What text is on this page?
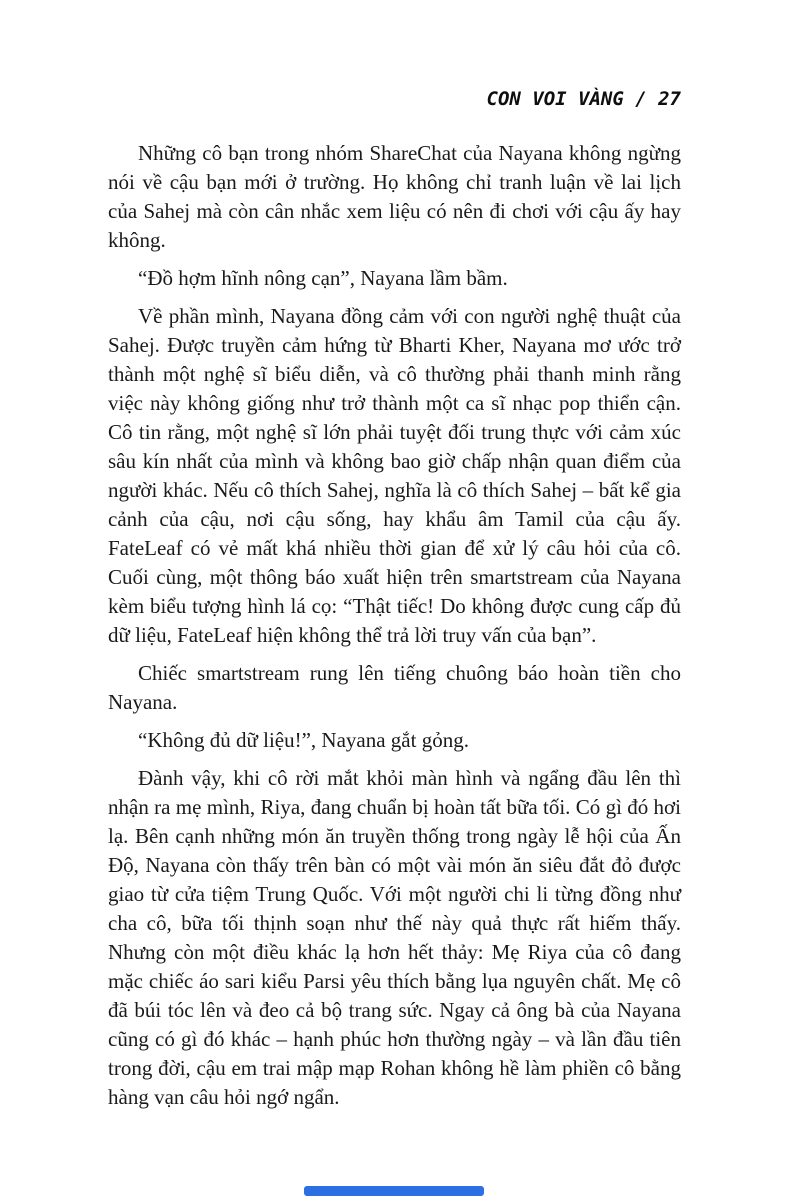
CON VOI VÀNG / 27

Những cô bạn trong nhóm ShareChat của Nayana không ngừng nói về cậu bạn mới ở trường. Họ không chỉ tranh luận về lai lịch của Sahej mà còn cân nhắc xem liệu có nên đi chơi với cậu ấy hay không.

“Đồ hợm hĩnh nông cạn”, Nayana lầm bầm.

Về phần mình, Nayana đồng cảm với con người nghệ thuật của Sahej. Được truyền cảm hứng từ Bharti Kher, Nayana mơ ước trở thành một nghệ sĩ biểu diễn, và cô thường phải thanh minh rằng việc này không giống như trở thành một ca sĩ nhạc pop thiển cận. Cô tin rằng, một nghệ sĩ lớn phải tuyệt đối trung thực với cảm xúc sâu kín nhất của mình và không bao giờ chấp nhận quan điểm của người khác. Nếu cô thích Sahej, nghĩa là cô thích Sahej – bất kể gia cảnh của cậu, nơi cậu sống, hay khẩu âm Tamil của cậu ấy. FateLeaf có vẻ mất khá nhiều thời gian để xử lý câu hỏi của cô. Cuối cùng, một thông báo xuất hiện trên smartstream của Nayana kèm biểu tượng hình lá cọ: “Thật tiếc! Do không được cung cấp đủ dữ liệu, FateLeaf hiện không thể trả lời truy vấn của bạn”.

Chiếc smartstream rung lên tiếng chuông báo hoàn tiền cho Nayana.

“Không đủ dữ liệu!”, Nayana gắt gỏng.

Đành vậy, khi cô rời mắt khỏi màn hình và ngẩng đầu lên thì nhận ra mẹ mình, Riya, đang chuẩn bị hoàn tất bữa tối. Có gì đó hơi lạ. Bên cạnh những món ăn truyền thống trong ngày lễ hội của Ấn Độ, Nayana còn thấy trên bàn có một vài món ăn siêu đắt đỏ được giao từ cửa tiệm Trung Quốc. Với một người chi li từng đồng như cha cô, bữa tối thịnh soạn như thế này quả thực rất hiếm thấy. Nhưng còn một điều khác lạ hơn hết thảy: Mẹ Riya của cô đang mặc chiếc áo sari kiểu Parsi yêu thích bằng lụa nguyên chất. Mẹ cô đã búi tóc lên và đeo cả bộ trang sức. Ngay cả ông bà của Nayana cũng có gì đó khác – hạnh phúc hơn thường ngày – và lần đầu tiên trong đời, cậu em trai mập mạp Rohan không hề làm phiền cô bằng hàng vạn câu hỏi ngớ ngẩn.
